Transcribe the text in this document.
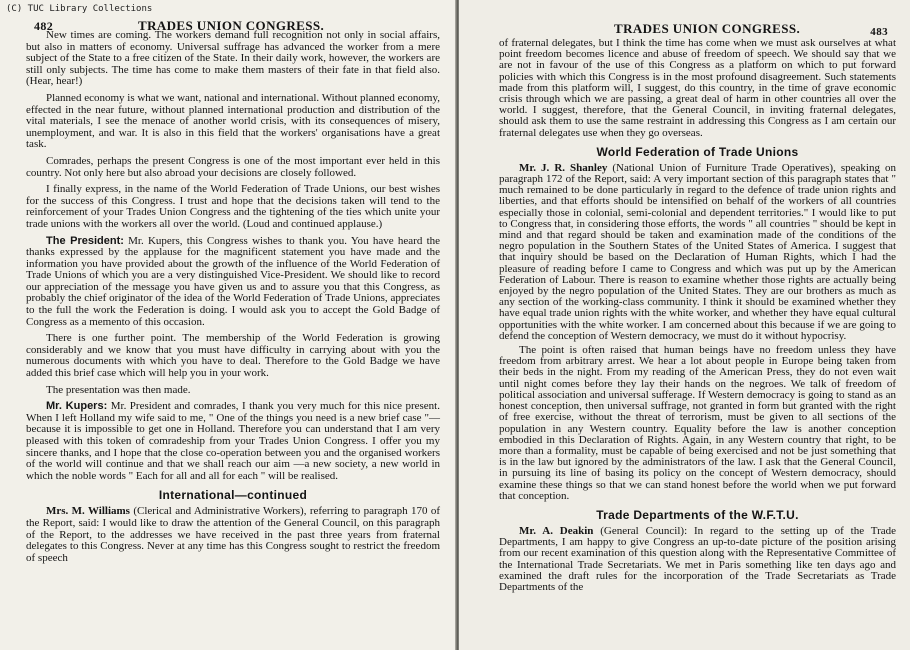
(C) TUC Library Collections
482	TRADES UNION CONGRESS.

New times are coming. The workers demand full recognition not only in social affairs, but also in matters of economy. Universal suffrage has advanced the worker from a mere subject of the State to a free citizen of the State. In their daily work, however, the workers are still only subjects. The time has come to make them masters of their fate in that field also. (Hear, hear!)

Planned economy is what we want, national and international. Without planned economy, effected in the near future, without planned international production and distribution of the vital materials, I see the menace of another world crisis, with its consequences of misery, unemployment, and war. It is also in this field that the workers' organisations have a great task.

Comrades, perhaps the present Congress is one of the most important ever held in this country. Not only here but also abroad your decisions are closely followed.

I finally express, in the name of the World Federation of Trade Unions, our best wishes for the success of this Congress. I trust and hope that the decisions taken will tend to the reinforcement of your Trades Union Congress and the tightening of the ties which unite your trade unions with the workers all over the world. (Loud and continued applause.)

The President: Mr. Kupers, this Congress wishes to thank you. You have heard the thanks expressed by the applause for the magnificent statement you have made and the information you have provided about the growth of the influence of the World Federation of Trade Unions of which you are a very distinguished Vice-President. We should like to record our appreciation of the message you have given us and to assure you that this Congress, as probably the chief originator of the idea of the World Federation of Trade Unions, appreciates to the full the work the Federation is doing. I would ask you to accept the Gold Badge of Congress as a memento of this occasion.

There is one further point. The membership of the World Federation is growing considerably and we know that you must have difficulty in carrying about with you the numerous documents with which you have to deal. Therefore to the Gold Badge we have added this brief case which will help you in your work.

The presentation was then made.

Mr. Kupers: Mr. President and comrades, I thank you very much for this nice present. When I left Holland my wife said to me, " One of the things you need is a new brief case "—because it is impossible to get one in Holland. Therefore you can understand that I am very pleased with this token of comradeship from your Trades Union Congress. I offer you my sincere thanks, and I hope that the close co-operation between you and the organised workers of the world will continue and that we shall reach our aim —a new society, a new world in which the noble words " Each for all and all for each " will be realised.

International—continued

Mrs. M. Williams (Clerical and Administrative Workers), referring to paragraph 170 of the Report, said: I would like to draw the attention of the General Council, on this paragraph of the Report, to the addresses we have received in the past three years from fraternal delegates to this Congress. Never at any time has this Congress sought to restrict the freedom of speech

TRADES UNION CONGRESS.	483

of fraternal delegates, but I think the time has come when we must ask ourselves at what point freedom becomes licence and abuse of freedom of speech. We should say that we are not in favour of the use of this Congress as a platform on which to put forward policies with which this Congress is in the most profound disagreement. Such statements made from this platform will, I suggest, do this country, in the time of grave economic crisis through which we are passing, a great deal of harm in other countries all over the world. I suggest, therefore, that the General Council, in inviting fraternal delegates, should ask them to use the same restraint in addressing this Congress as I am certain our fraternal delegates use when they go overseas.

World Federation of Trade Unions

Mr. J. R. Shanley (National Union of Furniture Trade Operatives), speaking on paragraph 172 of the Report, said: A very important section of this paragraph states that " much remained to be done particularly in regard to the defence of trade union rights and liberties, and that efforts should be intensified on behalf of the workers of all countries especially those in colonial, semi-colonial and dependent territories." I would like to put to Congress that, in considering those efforts, the words " all countries " should be kept in mind and that regard should be taken and examination made of the conditions of the negro population in the Southern States of the United States of America. I suggest that that inquiry should be based on the Declaration of Human Rights, which I had the pleasure of reading before I came to Congress and which was put up by the American Federation of Labour. There is reason to examine whether those rights are actually being enjoyed by the negro population of the United States. They are our brothers as much as any section of the working-class community. I think it should be examined whether they have equal trade union rights with the white worker, and whether they have equal cultural opportunities with the white worker. I am concerned about this because if we are going to defend the conception of Western democracy, we must do it without hypocrisy.

The point is often raised that human beings have no freedom unless they have freedom from arbitrary arrest. We hear a lot about people in Europe being taken from their beds in the night. From my reading of the American Press, they do not even wait until night comes before they lay their hands on the negroes. We talk of freedom of political association and universal sufferage. If Western democracy is going to stand as an honest conception, then universal suffrage, not granted in form but granted with the right of free exercise, without the threat of terrorism, must be given to all sections of the population in any Western country. Equality before the law is another conception embodied in this Declaration of Rights. Again, in any Western country that right, to be more than a formality, must be capable of being exercised and not be just something that is in the law but ignored by the administrators of the law. I ask that the General Council, in pursuing its line of basing its policy on the concept of Western democracy, should examine these things so that we can stand honest before the world when we put forward that conception.

Trade Departments of the W.F.T.U.

Mr. A. Deakin (General Council): In regard to the setting up of the Trade Departments, I am happy to give Congress an up-to-date picture of the position arising from our recent examination of this question along with the Representative Committee of the International Trade Secretariats. We met in Paris something like ten days ago and examined the draft rules for the incorporation of the Trade Secretariats as Trade Departments of the
